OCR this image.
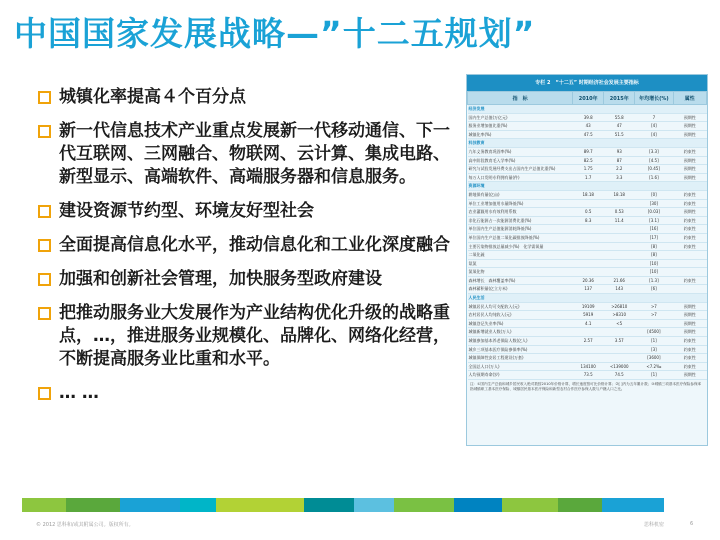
中国国家发展战略—”十二五规划”
城镇化率提高４个百分点
新一代信息技术产业重点发展新一代移动通信、下一代互联网、三网融合、物联网、云计算、集成电路、新型显示、高端软件、高端服务器和信息服务。
建设资源节约型、环境友好型社会
全面提高信息化水平，推动信息化和工业化深度融合
加强和创新社会管理，加快服务型政府建设
把推动服务业大发展作为产业结构优化升级的战略重点，…，推进服务业规模化、品牌化、网络化经营，不断提高服务业比重和水平。
… …
专栏 2　“十二五” 时期经济社会发展主要指标
指　标	2010年	2015年	年均增长(%)	属性
经济发展				
国内生产总值(万亿元)	39.8	55.8	7	预期性
服务业增加值比重(%)	43	47	[4]	预期性
城镇化率(%)	47.5	51.5	[4]	预期性
科技教育				
九年义务教育巩固率(%)	89.7	93	[3.3]	约束性
高中阶段教育毛入学率(%)	82.5	87	[4.5]	预期性
研究与试验发展经费支出占国内生产总值比重(%)	1.75	2.2	[0.45]	预期性
每万人口发明专利拥有量(件)	1.7	3.3	[1.6]	预期性
资源环境				
耕地保有量(亿亩)	18.18	18.18	[0]	约束性
单位工业增加值用水量降低(%)			[30]	约束性
农业灌溉用水有效利用系数	0.5	0.53	[0.03]	预期性
非化石能源占一次能源消费比重(%)	8.3	11.4	[3.1]	约束性
单位国内生产总值能源消耗降低(%)			[16]	约束性
单位国内生产总值二氧化碳排放降低(%)			[17]	约束性
主要污染物排放总量减少(%)　化学需氧量			[8]	约束性
二氧化硫			[8]	
氨氮			[10]	
氮氧化物			[10]	
森林增长　森林覆盖率(%)	20.36	21.66	[1.3]	约束性
森林蓄积量(亿立方米)	137	143	[6]	
人民生活				
城镇居民人均可支配收入(元)	19109	>26810	>7	预期性
农村居民人均纯收入(元)	5919	>8310	>7	预期性
城镇登记失业率(%)	4.1	<5		预期性
城镇新增就业人数(万人)			[4500]	预期性
城镇参加基本养老保险人数(亿人)	2.57	3.57	[1]	约束性
城乡三项基本医疗保险参保率(%)			[3]	约束性
城镇保障性安居工程建设(万套)			[3600]	约束性
全国总人口(万人)	134100	<139000	<7.2‰	约束性
人均预期寿命(岁)	73.5	74.5	[1]	预期性
注：①国内生产总值和城乡居民收入绝对数按2010年价格计算，增长速度按可比价格计算；②[ ]内为五年累计数；③城镇三项基本医疗保险参保率指城镇职工基本医疗保险、城镇居民基本医疗保险和新型农村合作医疗参保人数与户籍人口之比。
© 2012 思科和/或其附属公司。版权所有。	思科机密	6
